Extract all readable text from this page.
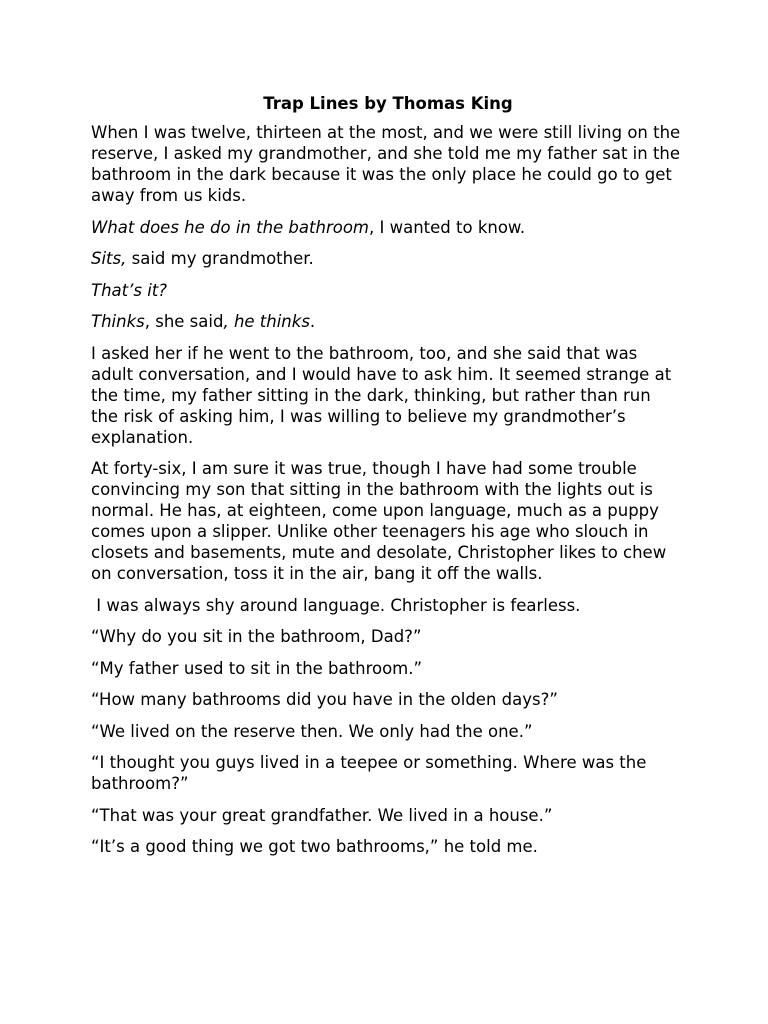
Trap Lines by Thomas King

When I was twelve, thirteen at the most, and we were still living on the reserve, I asked my grandmother, and she told me my father sat in the bathroom in the dark because it was the only place he could go to get away from us kids.

What does he do in the bathroom, I wanted to know.

Sits, said my grandmother.

That’s it?

Thinks, she said, he thinks.

I asked her if he went to the bathroom, too, and she said that was adult conversation, and I would have to ask him. It seemed strange at the time, my father sitting in the dark, thinking, but rather than run the risk of asking him, I was willing to believe my grandmother’s explanation.

At forty-six, I am sure it was true, though I have had some trouble convincing my son that sitting in the bathroom with the lights out is normal. He has, at eighteen, come upon language, much as a puppy comes upon a slipper. Unlike other teenagers his age who slouch in closets and basements, mute and desolate, Christopher likes to chew on conversation, toss it in the air, bang it off the walls.

I was always shy around language. Christopher is fearless.

“Why do you sit in the bathroom, Dad?”

“My father used to sit in the bathroom.”

“How many bathrooms did you have in the olden days?”

“We lived on the reserve then. We only had the one.”

“I thought you guys lived in a teepee or something. Where was the bathroom?”

“That was your great grandfather. We lived in a house.”

“It’s a good thing we got two bathrooms,” he told me.
